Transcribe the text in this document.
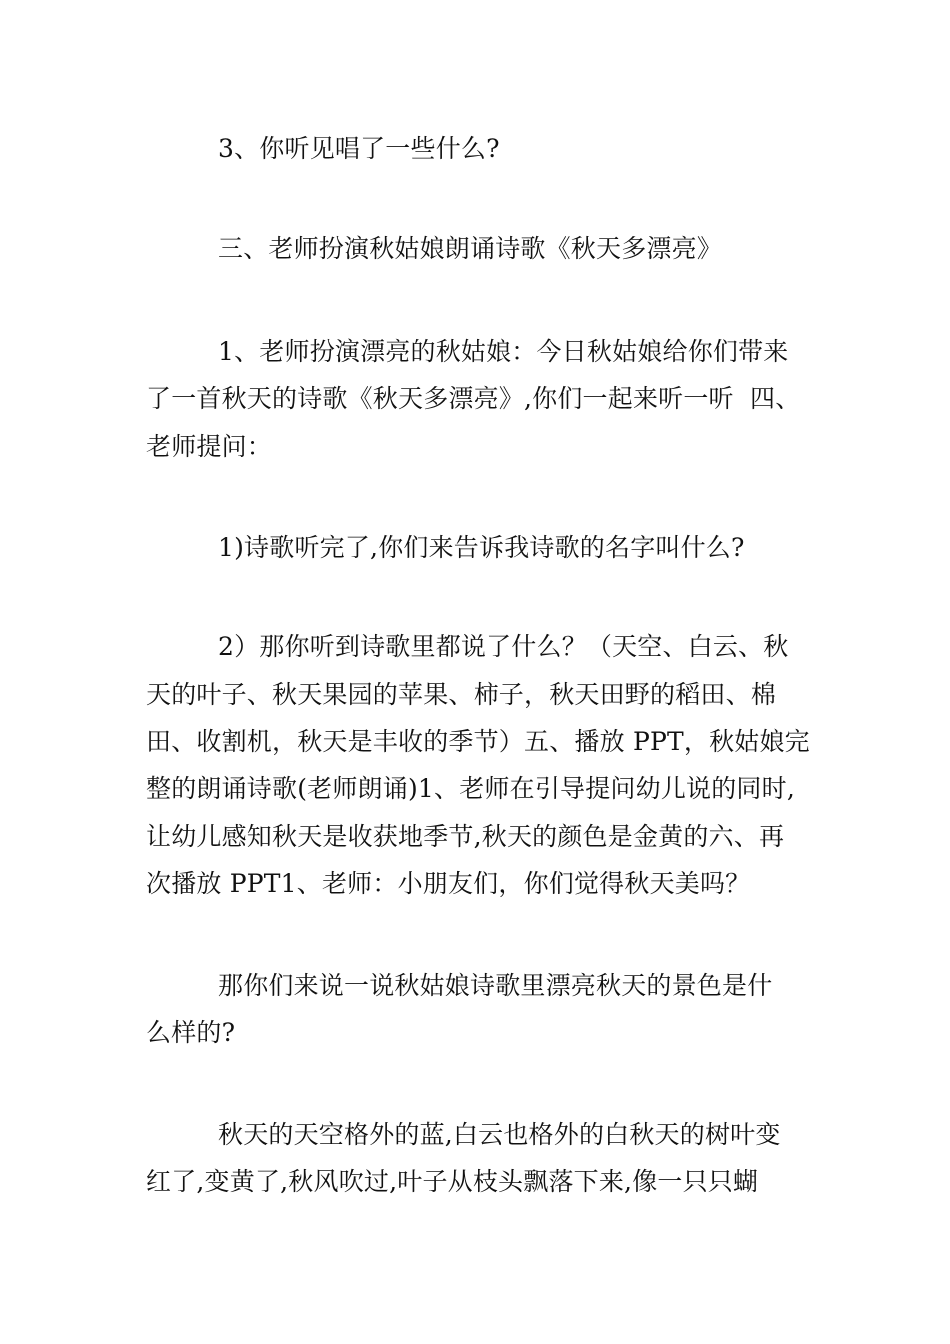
3、你听见唱了一些什么?
三、老师扮演秋姑娘朗诵诗歌《秋天多漂亮》
1、老师扮演漂亮的秋姑娘：今日秋姑娘给你们带来
了一首秋天的诗歌《秋天多漂亮》,你们一起来听一听  四、
老师提问：
1)诗歌听完了,你们来告诉我诗歌的名字叫什么?
2）那你听到诗歌里都说了什么？（天空、白云、秋
天的叶子、秋天果园的苹果、柿子，秋天田野的稻田、棉
田、收割机，秋天是丰收的季节）五、播放 PPT，秋姑娘完
整的朗诵诗歌(老师朗诵)1、老师在引导提问幼儿说的同时,
让幼儿感知秋天是收获地季节,秋天的颜色是金黄的六、再
次播放 PPT1、老师：小朋友们，你们觉得秋天美吗？
那你们来说一说秋姑娘诗歌里漂亮秋天的景色是什
么样的?
秋天的天空格外的蓝,白云也格外的白秋天的树叶变
红了,变黄了,秋风吹过,叶子从枝头飘落下来,像一只只蝴
